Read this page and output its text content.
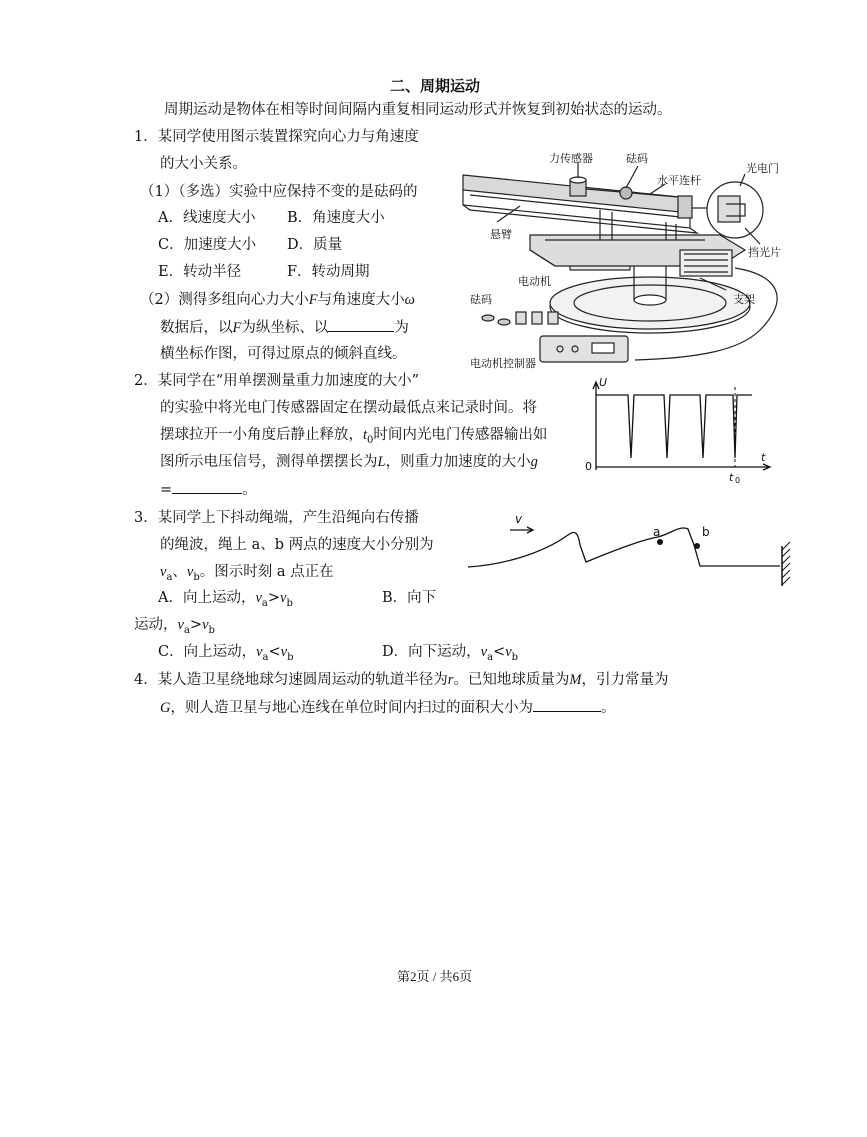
二、周期运动
周期运动是物体在相等时间间隔内重复相同运动形式并恢复到初始状态的运动。
1．某同学使用图示装置探究向心力与角速度
的大小关系。
（1）（多选）实验中应保持不变的是砝码的
A．线速度大小 B．角速度大小
C．加速度大小 D．质量
E．转动半径	F．转动周期
（2）测得多组向心力大小F与角速度大小ω
数据后，以F为纵坐标、以	为
横坐标作图，可得过原点的倾斜直线。
力传感器	砝码
光电门
水平连杆
悬臂
挡光片
电动机
砝码	支架
电动机控制器
2．某同学在“用单摆测量重力加速度的大小”
的实验中将光电门传感器固定在摆动最低点来记录时间。将
摆球拉开一小角度后静止释放，$t_0$时间内光电门传感器输出如
图所示电压信号，测得单摆摆长为L，则重力加速度的大小g
=	。
U
t
0
t 0
3．某同学上下抖动绳端，产生沿绳向右传播
的绳波，绳上 a、b 两点的速度大小分别为
$v_a$、$v_b$。图示时刻 a 点正在
A．向上运动，$v_a>v_b$	B．向下
运动，$v_a>v_b$
C．向上运动，$v_a<v_b$	D．向下运动，$v_a<v_b$
v
a	b
4．某人造卫星绕地球匀速圆周运动的轨道半径为r。已知地球质量为M，引力常量为
G，则人造卫星与地心连线在单位时间内扫过的面积大小为	。
第2页 / 共6页
